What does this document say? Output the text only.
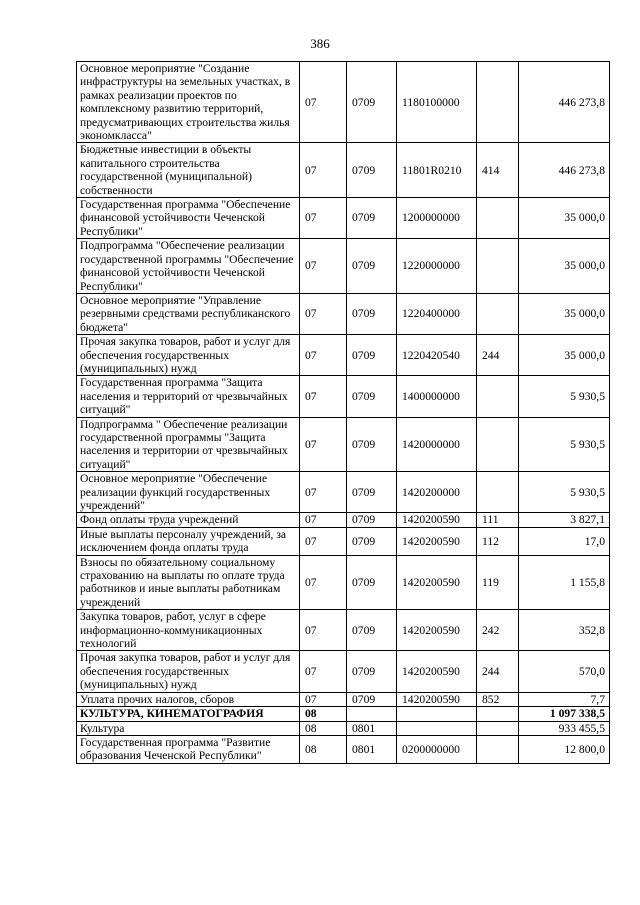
386
Основное мероприятие "Создание инфраструктуры на земельных участках, в рамках реализации проектов по комплексному развитию территорий, предусматривающих строительства жилья экономкласса"	07	0709	1180100000		446 273,8
Бюджетные инвестиции в объекты капитального строительства государственной (муниципальной) собственности	07	0709	11801R0210	414	446 273,8
Государственная программа "Обеспечение финансовой устойчивости Чеченской Республики"	07	0709	1200000000		35 000,0
Подпрограмма "Обеспечение реализации государственной программы "Обеспечение финансовой устойчивости Чеченской Республики"	07	0709	1220000000		35 000,0
Основное мероприятие "Управление резервными средствами республиканского бюджета"	07	0709	1220400000		35 000,0
Прочая закупка товаров, работ и услуг для обеспечения государственных (муниципальных) нужд	07	0709	1220420540	244	35 000,0
Государственная программа "Защита населения и территорий от чрезвычайных ситуаций"	07	0709	1400000000		5 930,5
Подпрограмма " Обеспечение реализации государственной программы "Защита населения и территории от чрезвычайных ситуаций"	07	0709	1420000000		5 930,5
Основное мероприятие "Обеспечение реализации функций государственных учреждений"	07	0709	1420200000		5 930,5
Фонд оплаты труда учреждений	07	0709	1420200590	111	3 827,1
Иные выплаты персоналу учреждений, за исключением фонда оплаты труда	07	0709	1420200590	112	17,0
Взносы по обязательному социальному страхованию на выплаты по оплате труда работников и иные выплаты работникам учреждений	07	0709	1420200590	119	1 155,8
Закупка товаров, работ, услуг в сфере информационно-коммуникационных технологий	07	0709	1420200590	242	352,8
Прочая закупка товаров, работ и услуг для обеспечения государственных (муниципальных) нужд	07	0709	1420200590	244	570,0
Уплата прочих налогов, сборов	07	0709	1420200590	852	7,7
КУЛЬТУРА, КИНЕМАТОГРАФИЯ	08				1 097 338,5
Культура	08	0801			933 455,5
Государственная программа "Развитие образования Чеченской Республики"	08	0801	0200000000		12 800,0
